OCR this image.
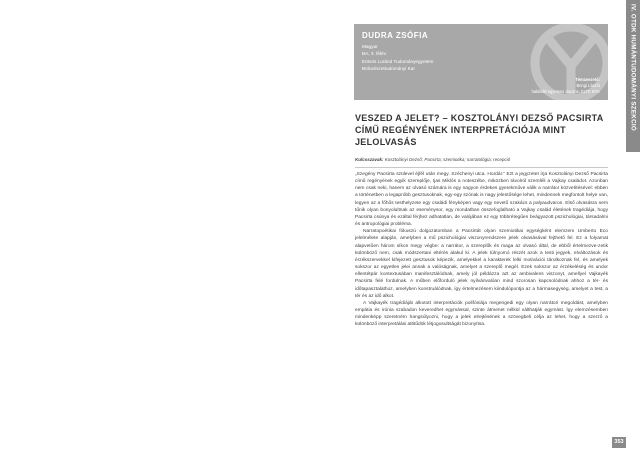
IV. OTDK HUMÁNTUDOMÁNYI SZEKCIÓ
DUDRA ZSÓFIA
Magyar
BA, 3. félév
Eötvös Loránd Tudományegyetem
Bölcsészettudományi Kar
Témavezető:
Bengi László
habilitált egyetemi docens, ELTE BTK
VESZED A JELET? – KOSZTOLÁNYI DEZSŐ PACSIRTA CÍMŰ REGÉNYÉNEK INTERPRETÁCIÓJA MINT JELOLVASÁS
Kulcsszavak: Kosztolányi Dezső; Pacsirta; szemiotika; narratológia; recepció

„Szegény Pacsirta szülevel éjfél után megy. Széchenyi utca. Hordár.” Ezt a jegyzetet írja Kosztolányi Dezső Pacsirta című regényének egyik szereplője, Ijas Miklós a noteszébe, miközben távolról szemléli a Vajkay családot. Azonban nem csak neki, hanem az olvasó számára is egy nagyon érdekes gyerekműve válik a narrátor közvetítésével: ebben a történetben a legapróbb gesztusoknak, egy-egy szónak is nagy jelentősége lehet, mindennek megfontolt helye van, legyen az a főhős testhelyzete egy családi fényképen vagy egy nevető szakács a palyaudvaron. Első olvasásra nem tűnik olyan bonyolultnak az eseménysor, egy mondatban összefoglalható a Vajkay család életének tragédiája, hogy Pacsirta csúnya és ezáltal férjhez adhatatlan, de valójában ez egy többrétegűen beágyazott pszichológiai, társadalmi és antropológiai probléma.

Narratopoétikai fókuszú dolgozatomban a Pacsirtát olyan szemiotikai egységként elemzem Umberto Eco jelelmélete alapján, amelyben a mű pszichológiai viszonyrendszere jelek olvasásával fejthető fel. Ez a folyamat alapvetően három síkon megy végbe: a narrátor, a szereplők és maga az olvasó által, de ebből értelmezve-zetik különböző nem, csak módszertani eltérés alakul ki. A jelek túlnyomó részét azok a testi jegyek, elváltozások és érzékszervekkel kifejezett gesztusok képezik, amelyekkel a karakterek lelki motivációi tárulkoznak fel, és amelyek sokszor az egyetlen jelei annak a valóságnak, amelyet a szereplő megél. Ezek sokszor az érzékeléség és undor ellentétpár kontextusában manifesztálódnak, amely jól példázza azt az ambivalens viszonyt, amellyel Vajkayék Pacsirta felé fordulnak. A műben előforduló jelek nyilvánvalóan mind szorosan kapcsolódnak ahhoz a tér- és időtapasztalathoz, amelyben konstruálódnak, így értelmezésem kiindulópontja az a hármasegység, amelyet a test, a tér és az idő alkot.

A Vajkayék tragédiáját alkotott interpretációk polifóniája megengedi egy olyan narrátori megoldást, amelyben empátia és irónia szabadon keveredhet egymással, szinte átmenet nélkül válthatják egymást. Így elemzésemben mindenképp szeretném hangsúlyozni, hogy a jelek elrejtésének a szövegbeli célja az lehet, hogy a szerző a különböző interpretálási attitűdök létjogosultságát bizonyítsa.

353
